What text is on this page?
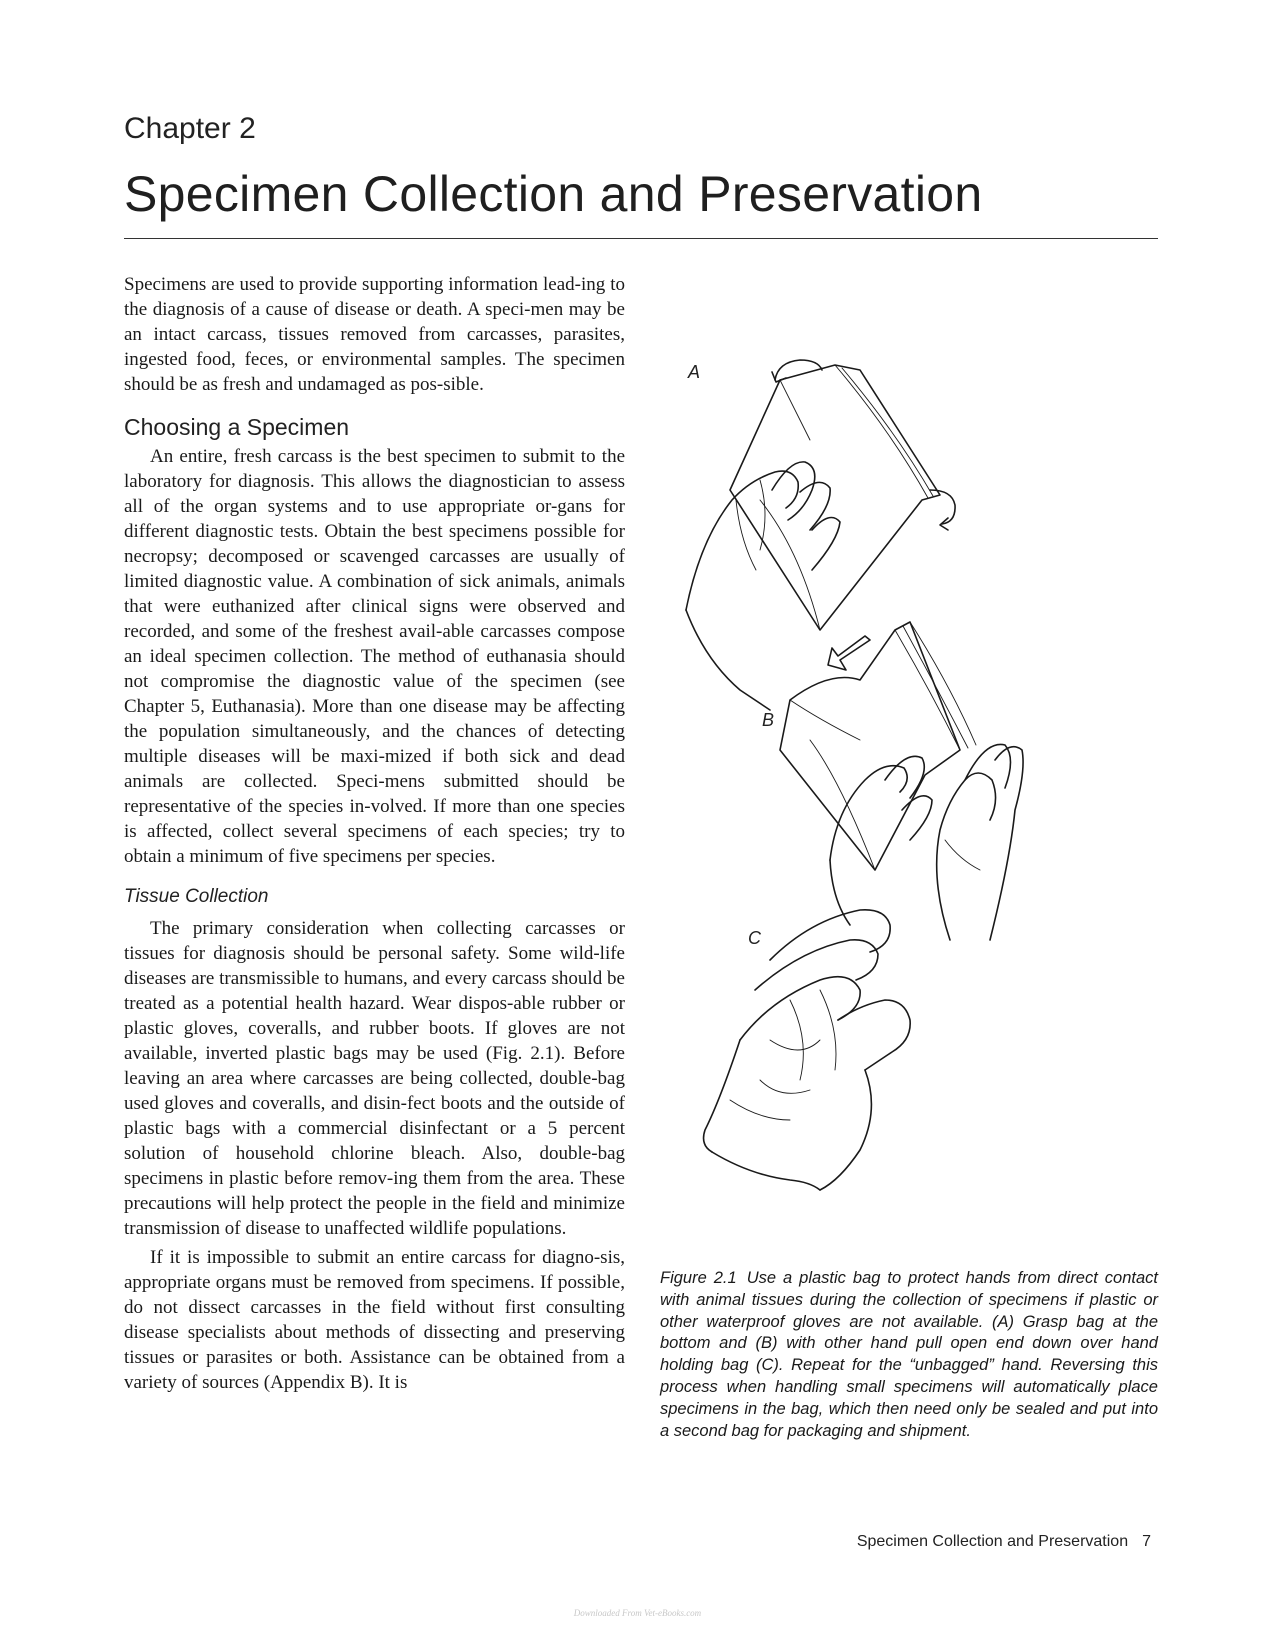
Chapter 2
Specimen Collection and Preservation

Specimens are used to provide supporting information lead-ing to the diagnosis of a cause of disease or death. A speci-men may be an intact carcass, tissues removed from carcasses, parasites, ingested food, feces, or environmental samples. The specimen should be as fresh and undamaged as pos-sible.

Choosing a Specimen

An entire, fresh carcass is the best specimen to submit to the laboratory for diagnosis. This allows the diagnostician to assess all of the organ systems and to use appropriate or-gans for different diagnostic tests. Obtain the best specimens possible for necropsy; decomposed or scavenged carcasses are usually of limited diagnostic value. A combination of sick animals, animals that were euthanized after clinical signs were observed and recorded, and some of the freshest avail-able carcasses compose an ideal specimen collection. The method of euthanasia should not compromise the diagnostic value of the specimen (see Chapter 5, Euthanasia). More than one disease may be affecting the population simultaneously, and the chances of detecting multiple diseases will be maxi-mized if both sick and dead animals are collected. Speci-mens submitted should be representative of the species in-volved. If more than one species is affected, collect several specimens of each species; try to obtain a minimum of five specimens per species.

Tissue Collection

The primary consideration when collecting carcasses or tissues for diagnosis should be personal safety. Some wild-life diseases are transmissible to humans, and every carcass should be treated as a potential health hazard. Wear dispos-able rubber or plastic gloves, coveralls, and rubber boots. If gloves are not available, inverted plastic bags may be used (Fig. 2.1). Before leaving an area where carcasses are being collected, double-bag used gloves and coveralls, and disin-fect boots and the outside of plastic bags with a commercial disinfectant or a 5 percent solution of household chlorine bleach. Also, double-bag specimens in plastic before remov-ing them from the area. These precautions will help protect the people in the field and minimize transmission of disease to unaffected wildlife populations.

If it is impossible to submit an entire carcass for diagno-sis, appropriate organs must be removed from specimens. If possible, do not dissect carcasses in the field without first consulting disease specialists about methods of dissecting and preserving tissues or parasites or both. Assistance can be obtained from a variety of sources (Appendix B). It is

A
B
C
Figure 2.1 Use a plastic bag to protect hands from direct contact with animal tissues during the collection of specimens if plastic or other waterproof gloves are not available. (A) Grasp bag at the bottom and (B) with other hand pull open end down over hand holding bag (C). Repeat for the “unbagged” hand. Reversing this process when handling small specimens will automatically place specimens in the bag, which then need only be sealed and put into a second bag for packaging and shipment.
Specimen Collection and Preservation 7
Downloaded From Vet-eBooks.com
